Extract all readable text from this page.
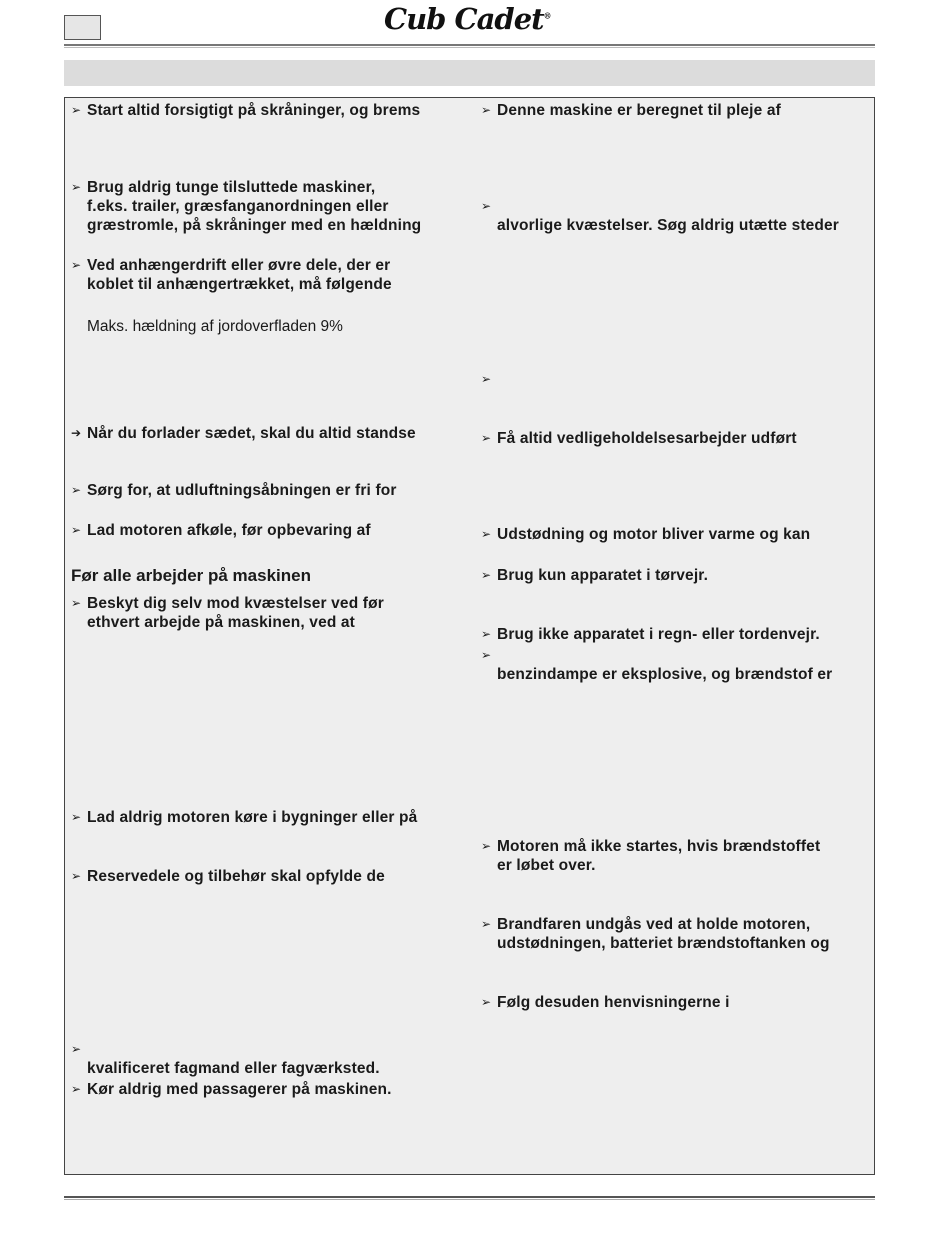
Cub Cadet®
➢ Start altid forsigtigt på skråninger, og brems
➢ Brug aldrig tunge tilsluttede maskiner,
f.eks. trailer, græsfanganordningen eller
græstromle, på skråninger med en hældning
➢ Ved anhængerdrift eller øvre dele, der er
koblet til anhængertrækket, må følgende
Maks. hældning af jordoverfladen 9%
➔ Når du forlader sædet, skal du altid standse
➢ Sørg for, at udluftningsåbningen er fri for
➢ Lad motoren afkøle, før opbevaring af
Før alle arbejder på maskinen
➢ Beskyt dig selv mod kvæstelser ved før
ethvert arbejde på maskinen, ved at
➢ Lad aldrig motoren køre i bygninger eller på
➢ Reservedele og tilbehør skal opfylde de
➢
kvalificeret fagmand eller fagværksted.
➢ Kør aldrig med passagerer på maskinen.
➢ Denne maskine er beregnet til pleje af
➢
alvorlige kvæstelser. Søg aldrig utætte steder
➢
➢ Få altid vedligeholdelsesarbejder udført
➢ Udstødning og motor bliver varme og kan
➢ Brug kun apparatet i tørvejr.
➢ Brug ikke apparatet i regn- eller tordenvejr.
➢
benzindampe er eksplosive, og brændstof er
➢ Motoren må ikke startes, hvis brændstoffet
er løbet over.
➢ Brandfaren undgås ved at holde motoren,
udstødningen, batteriet brændstoftanken og
➢ Følg desuden henvisningerne i
